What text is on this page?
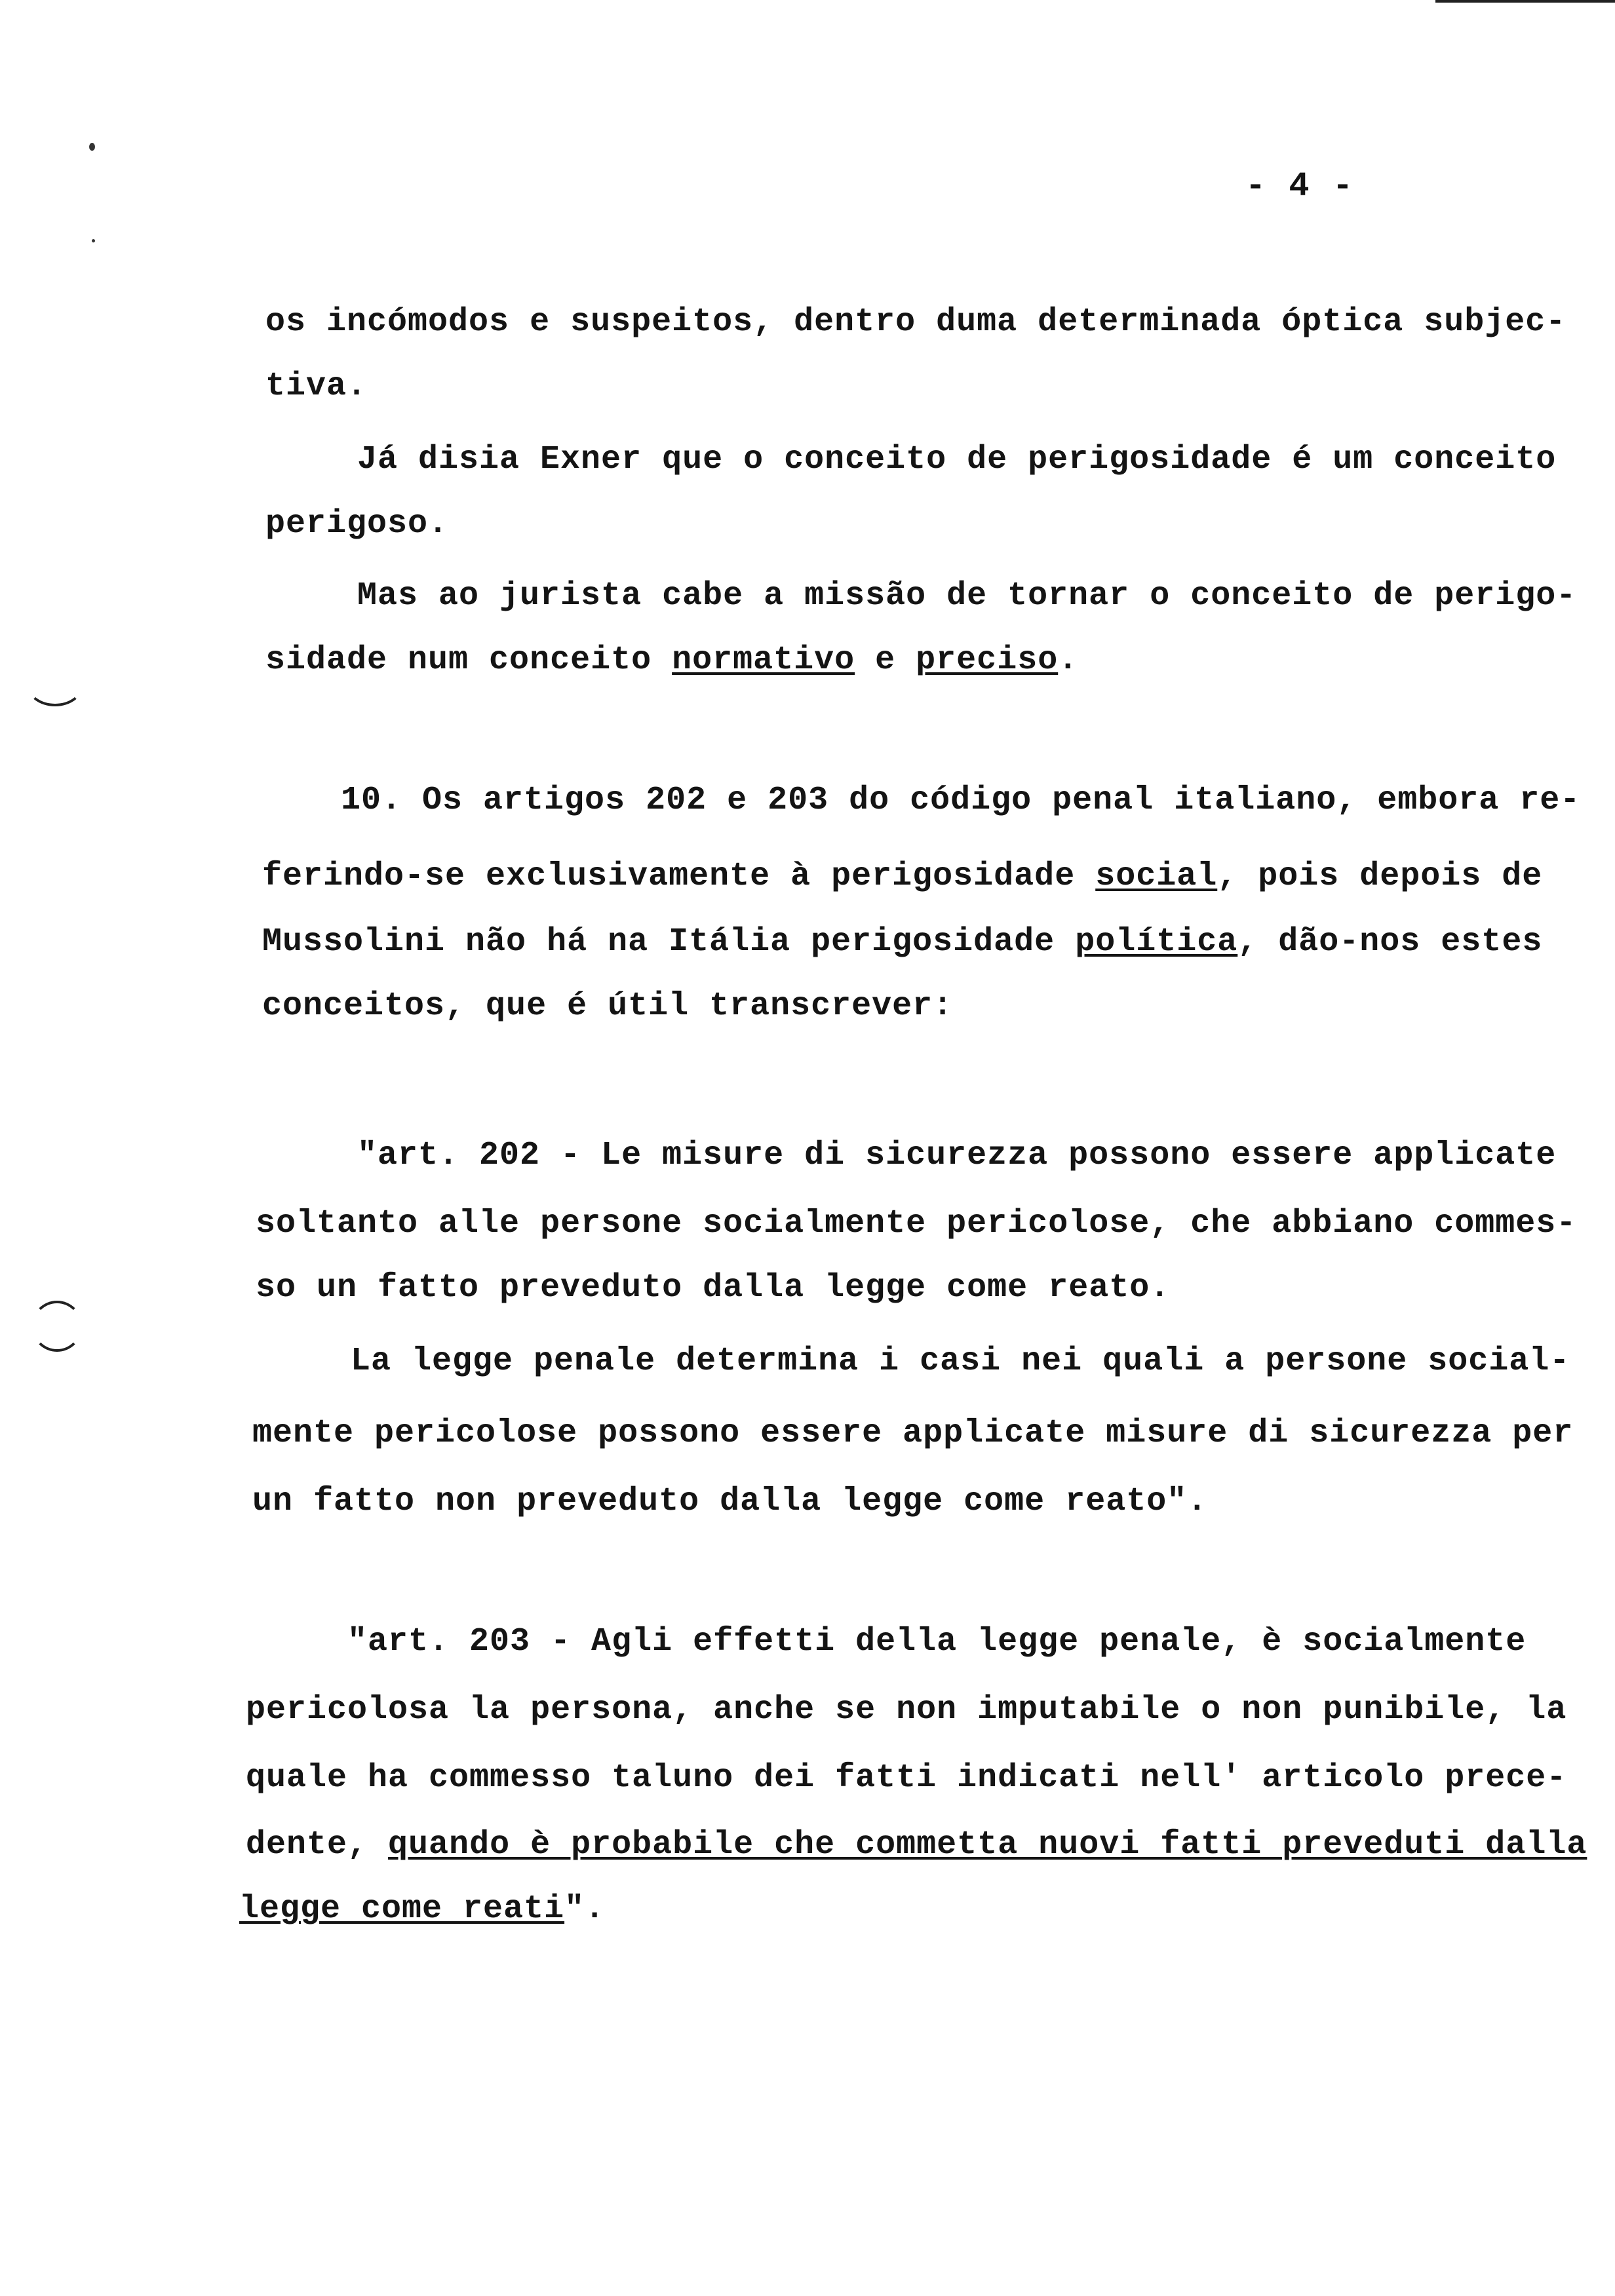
- 4 -
os incómodos e suspeitos, dentro duma determinada óptica subjec-
tiva.
Já disia Exner que o conceito de perigosidade é um conceito
perigoso.
Mas ao jurista cabe a missão de tornar o conceito de perigo-
sidade num conceito normativo e preciso.
10. Os artigos 202 e 203 do código penal italiano, embora re-
ferindo-se exclusivamente à perigosidade social, pois depois de
Mussolini não há na Itália perigosidade política, dão-nos estes
conceitos, que é útil transcrever:
"art. 202 - Le misure di sicurezza possono essere applicate
soltanto alle persone socialmente pericolose, che abbiano commes-
so un fatto preveduto dalla legge come reato.
La legge penale determina i casi nei quali a persone social-
mente pericolose possono essere applicate misure di sicurezza per
un fatto non preveduto dalla legge come reato".
"art. 203 - Agli effetti della legge penale, è socialmente
pericolosa la persona, anche se non imputabile o non punibile, la
quale ha commesso taluno dei fatti indicati nell' articolo prece-
dente, quando è probabile che commetta nuovi fatti preveduti dalla
legge come reati".
